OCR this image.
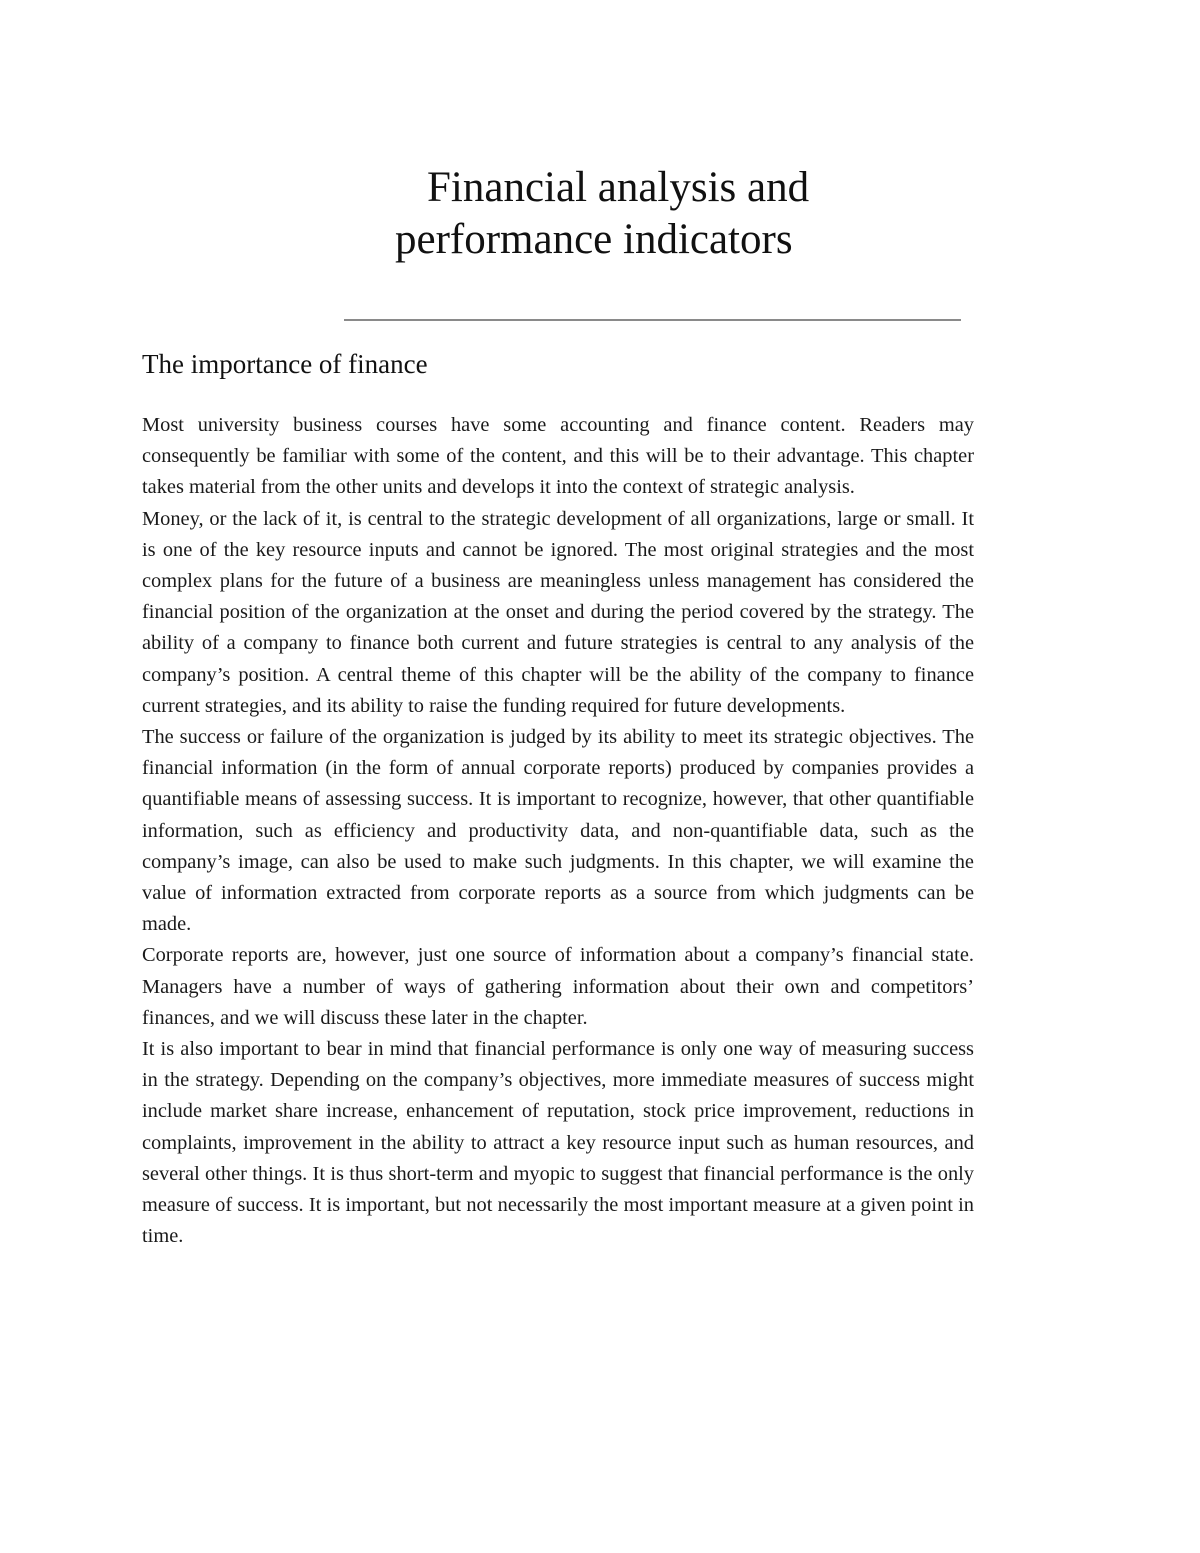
Financial analysis and
performance indicators
The importance of finance

Most university business courses have some accounting and finance content. Readers may consequently be familiar with some of the content, and this will be to their advantage. This chapter takes material from the other units and develops it into the context of strategic analysis.

Money, or the lack of it, is central to the strategic development of all organizations, large or small. It is one of the key resource inputs and cannot be ignored. The most original strategies and the most complex plans for the future of a business are meaningless unless management has considered the financial position of the organization at the onset and during the period covered by the strategy. The ability of a company to finance both current and future strategies is central to any analysis of the company’s position. A central theme of this chapter will be the ability of the company to finance current strategies, and its ability to raise the funding required for future developments.

The success or failure of the organization is judged by its ability to meet its strategic objectives. The financial information (in the form of annual corporate reports) produced by companies provides a quantifiable means of assessing success. It is important to recognize, however, that other quantifiable information, such as efficiency and productivity data, and non-quantifiable data, such as the company’s image, can also be used to make such judgments. In this chapter, we will examine the value of information extracted from corporate reports as a source from which judgments can be made.

Corporate reports are, however, just one source of information about a company’s financial state. Managers have a number of ways of gathering information about their own and competitors’ finances, and we will discuss these later in the chapter.

It is also important to bear in mind that financial performance is only one way of measuring success in the strategy. Depending on the company’s objectives, more immediate measures of success might include market share increase, enhancement of reputation, stock price improvement, reductions in complaints, improvement in the ability to attract a key resource input such as human resources, and several other things. It is thus short-term and myopic to suggest that financial performance is the only measure of success. It is important, but not necessarily the most important measure at a given point in time.
